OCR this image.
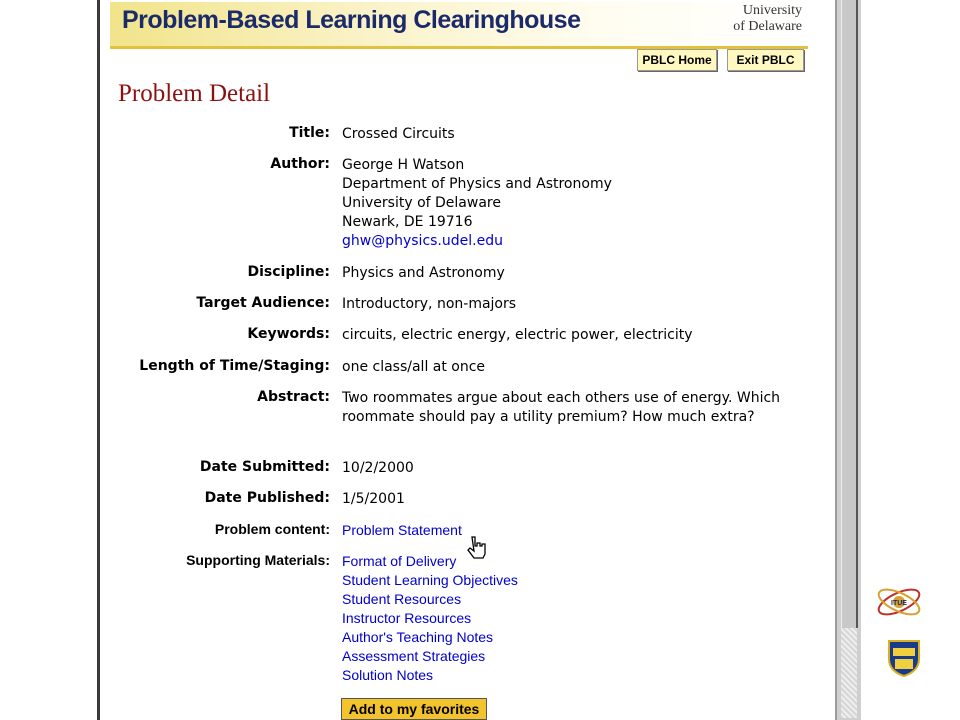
Problem-Based Learning Clearinghouse	University
of Delaware
PBLC Home	Exit PBLC
Problem Detail
Title: Crossed Circuits
Author: George H Watson
Department of Physics and Astronomy
University of Delaware
Newark, DE 19716
ghw@physics.udel.edu
Discipline: Physics and Astronomy
Target Audience: Introductory, non-majors
Keywords: circuits, electric energy, electric power, electricity
Length of Time/Staging: one class/all at once
Abstract: Two roommates argue about each others use of energy. Which roommate should pay a utility premium? How much extra?
Date Submitted: 10/2/2000
Date Published: 1/5/2001
Problem content: Problem Statement
Supporting Materials: Format of Delivery
Student Learning Objectives
Student Resources
Instructor Resources
Author's Teaching Notes
Assessment Strategies
Solution Notes
Add to my favorites
ITUE
